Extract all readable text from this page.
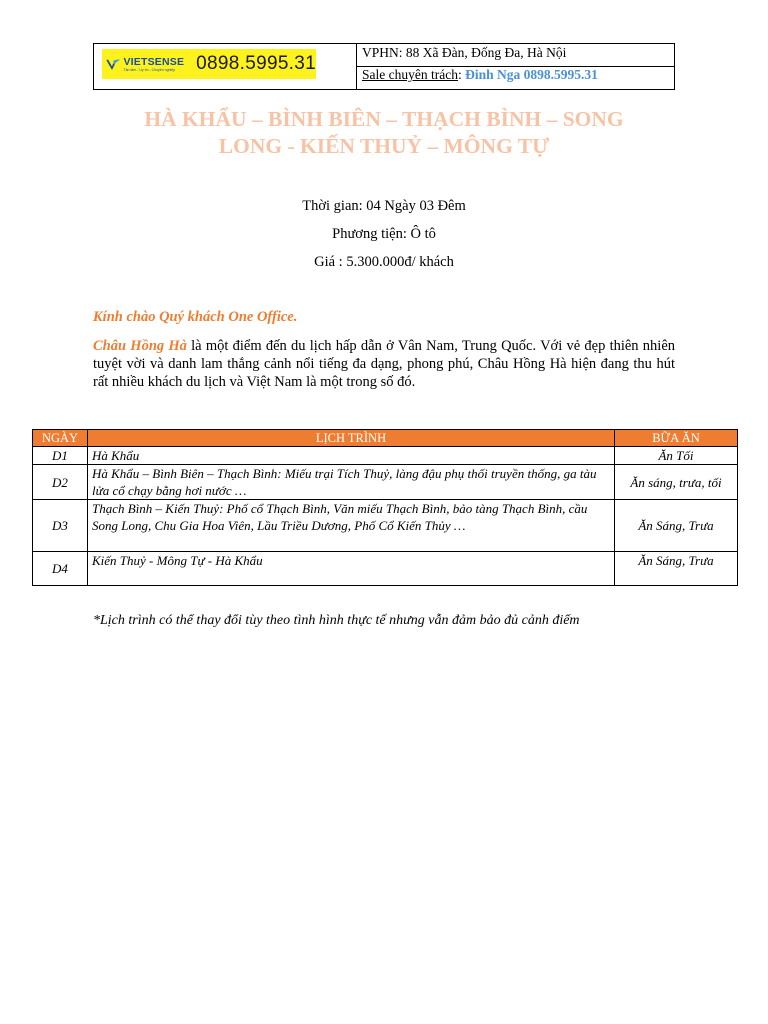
VIETSENSE
Tận tâm - Uy tín - Chuyên nghiệp	0898.5995.31
VPHN: 88 Xã Đàn, Đống Đa, Hà Nội
Sale chuyên trách: Đinh Nga 0898.5995.31
HÀ KHẨU – BÌNH BIÊN – THẠCH BÌNH – SONG
LONG - KIẾN THUỶ – MÔNG TỰ
Thời gian: 04 Ngày 03 Đêm
Phương tiện: Ô tô
Giá : 5.300.000đ/ khách
Kính chào Quý khách One Office.
Châu Hồng Hà là một điểm đến du lịch hấp dẫn ở Vân Nam, Trung Quốc. Với vẻ đẹp thiên nhiên tuyệt vời và danh lam thắng cảnh nổi tiếng đa dạng, phong phú, Châu Hồng Hà hiện đang thu hút rất nhiều khách du lịch và Việt Nam là một trong số đó.
NGÀY	LỊCH TRÌNH	BỮA ĂN
D1	Hà Khẩu	Ăn Tối
D2	Hà Khẩu – Bình Biên – Thạch Bình: Miếu trại Tích Thuỷ, làng đậu phụ thối truyền thống, ga tàu lửa cổ chạy bằng hơi nước …	Ăn sáng, trưa, tối
D3	Thạch Bình – Kiến Thuỷ: Phố cổ Thạch Bình, Văn miếu Thạch Bình, bảo tàng Thạch Bình, cầu Song Long, Chu Gia Hoa Viên, Lầu Triều Dương, Phố Cổ Kiến Thủy …	Ăn Sáng, Trưa
D4	Kiến Thuỷ - Mông Tự - Hà Khẩu	Ăn Sáng, Trưa
*Lịch trình có thể thay đổi tùy theo tình hình thực tế nhưng vẫn đảm bảo đủ cảnh điểm
